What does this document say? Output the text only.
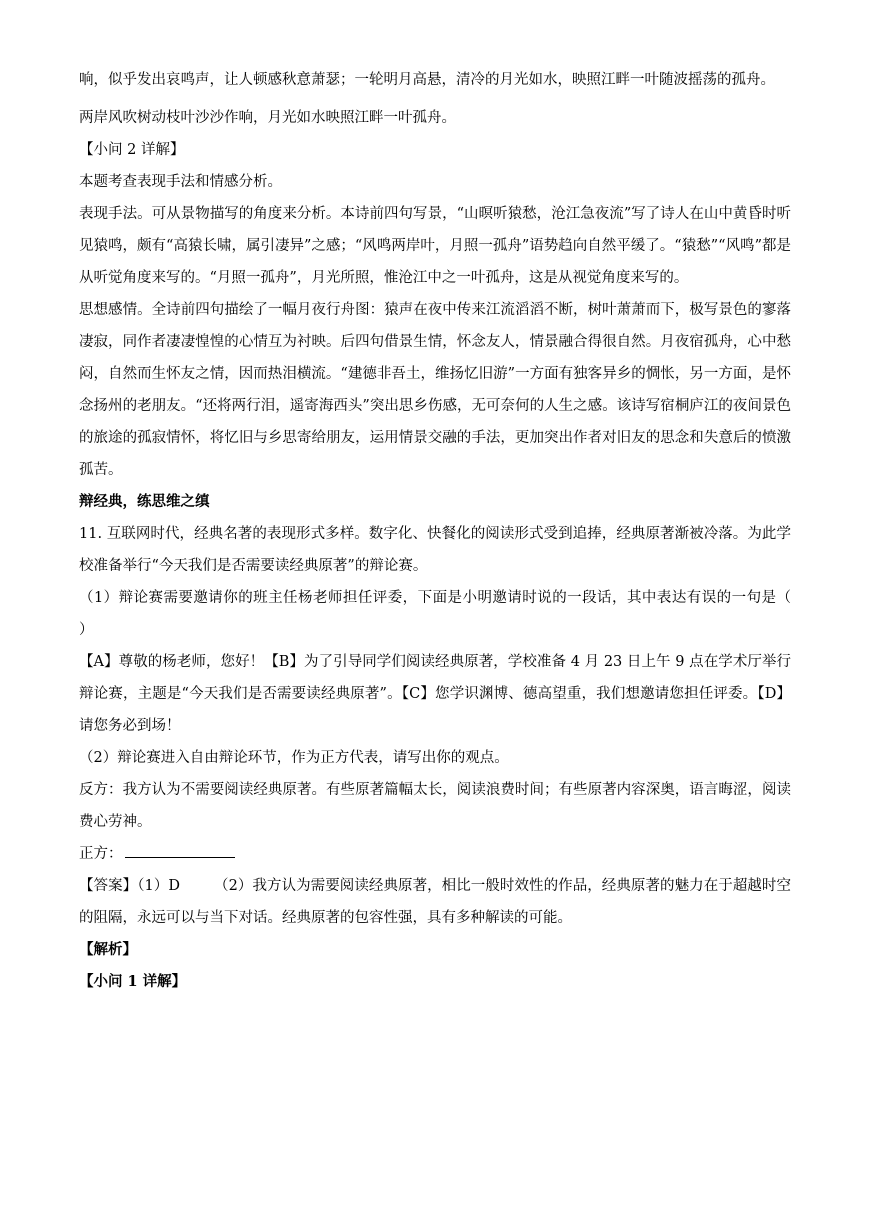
响，似乎发出哀鸣声，让人顿感秋意萧瑟；一轮明月高悬，清冷的月光如水，映照江畔一叶随波摇荡的孤舟。

两岸风吹树动枝叶沙沙作响，月光如水映照江畔一叶孤舟。

【小问 2 详解】

本题考查表现手法和情感分析。

表现手法。可从景物描写的角度来分析。本诗前四句写景，“山暝听猿愁，沧江急夜流”写了诗人在山中黄昏时听见猿鸣，颇有“高猿长啸，属引凄异”之感；“风鸣两岸叶，月照一孤舟”语势趋向自然平缓了。“猿愁”“风鸣”都是从听觉角度来写的。“月照一孤舟”，月光所照，惟沧江中之一叶孤舟，这是从视觉角度来写的。

思想感情。全诗前四句描绘了一幅月夜行舟图：猿声在夜中传来江流滔滔不断，树叶萧萧而下，极写景色的寥落凄寂，同作者凄凄惶惶的心情互为衬映。后四句借景生情，怀念友人，情景融合得很自然。月夜宿孤舟，心中愁闷，自然而生怀友之情，因而热泪横流。“建德非吾土，维扬忆旧游”一方面有独客异乡的惆怅，另一方面，是怀念扬州的老朋友。“还将两行泪，遥寄海西头”突出思乡伤感，无可奈何的人生之感。该诗写宿桐庐江的夜间景色的旅途的孤寂情怀，将忆旧与乡思寄给朋友，运用情景交融的手法，更加突出作者对旧友的思念和失意后的愤激孤苦。

辩经典，练思维之缜

11. 互联网时代，经典名著的表现形式多样。数字化、快餐化的阅读形式受到追捧，经典原著渐被冷落。为此学校准备举行“今天我们是否需要读经典原著”的辩论赛。

（1）辩论赛需要邀请你的班主任杨老师担任评委，下面是小明邀请时说的一段话，其中表达有误的一句是（　　）

【A】尊敬的杨老师，您好！【B】为了引导同学们阅读经典原著，学校准备 4 月 23 日上午 9 点在学术厅举行辩论赛，主题是“今天我们是否需要读经典原著”。【C】您学识渊博、德高望重，我们想邀请您担任评委。【D】请您务必到场！

（2）辩论赛进入自由辩论环节，作为正方代表，请写出你的观点。

反方：我方认为不需要阅读经典原著。有些原著篇幅太长，阅读浪费时间；有些原著内容深奥，语言晦涩，阅读费心劳神。

正方：

【答案】（1）D （2）我方认为需要阅读经典原著，相比一般时效性的作品，经典原著的魅力在于超越时空的阻隔，永远可以与当下对话。经典原著的包容性强，具有多种解读的可能。

【解析】

【小问 1 详解】
